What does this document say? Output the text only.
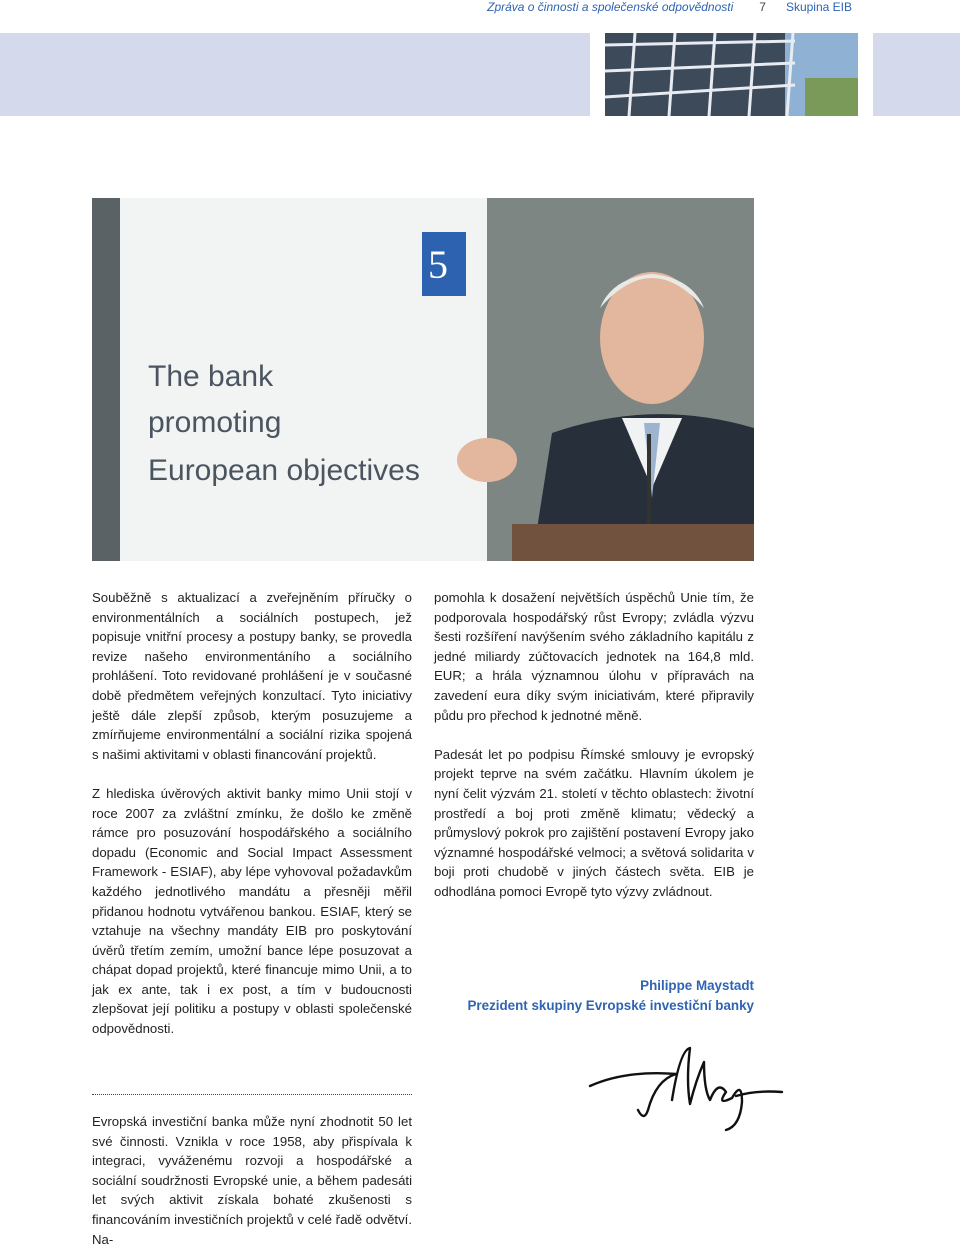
Zpráva o činnosti a společenské odpovědnosti 7 Skupina EIB
5
The bank
promoting
European objectives

Souběžně s aktualizací a zveřejněním příručky o environmentálních a sociálních postupech, jež popisuje vnitřní procesy a postupy banky, se provedla revize našeho environmentáního a sociálního prohlášení. Toto revidované prohlášení je v současné době předmětem veřejných konzultací. Tyto iniciativy ještě dále zlepší způsob, kterým posuzujeme a zmírňujeme environmentální a sociální rizika spojená s našimi aktivitami v oblasti financování projektů.

Z hlediska úvěrových aktivit banky mimo Unii stojí v roce 2007 za zvláštní zmínku, že došlo ke změně rámce pro posuzování hospodářského a sociálního dopadu (Economic and Social Impact Assessment Framework - ESIAF), aby lépe vyhovoval požadavkům každého jednotlivého mandátu a přesněji měřil přidanou hodnotu vytvářenou bankou. ESIAF, který se vztahuje na všechny mandáty EIB pro poskytování úvěrů třetím zemím, umožní bance lépe posuzovat a chápat dopad projektů, které financuje mimo Unii, a to jak ex ante, tak i ex post, a tím v budoucnosti zlepšovat její politiku a postupy v oblasti společenské odpovědnosti.

pomohla k dosažení největších úspěchů Unie tím, že podporovala hospodářský růst Evropy; zvládla výzvu šesti rozšíření navýšením svého základního kapitálu z jedné miliardy zúčtovacích jednotek na 164,8 mld. EUR; a hrála významnou úlohu v přípravách na zavedení eura díky svým iniciativám, které připravily půdu pro přechod k jednotné měně.

Padesát let po podpisu Římské smlouvy je evropský projekt teprve na svém začátku. Hlavním úkolem je nyní čelit výzvám 21. století v těchto oblastech: životní prostředí a boj proti změně klimatu; vědecký a průmyslový pokrok pro zajištění postavení Evropy jako významné hospodářské velmoci; a světová solidarita v boji proti chudobě v jiných částech světa. EIB je odhodlána pomoci Evropě tyto výzvy zvládnout.

Philippe Maystadt
Prezident skupiny Evropské investiční banky
Evropská investiční banka může nyní zhodnotit 50 let své činnosti. Vznikla v roce 1958, aby přispívala k integraci, vyváženému rozvoji a hospodářské a sociální soudržnosti Evropské unie, a během padesáti let svých aktivit získala bohaté zkušenosti s financováním investičních projektů v celé řadě odvětví. Na-
